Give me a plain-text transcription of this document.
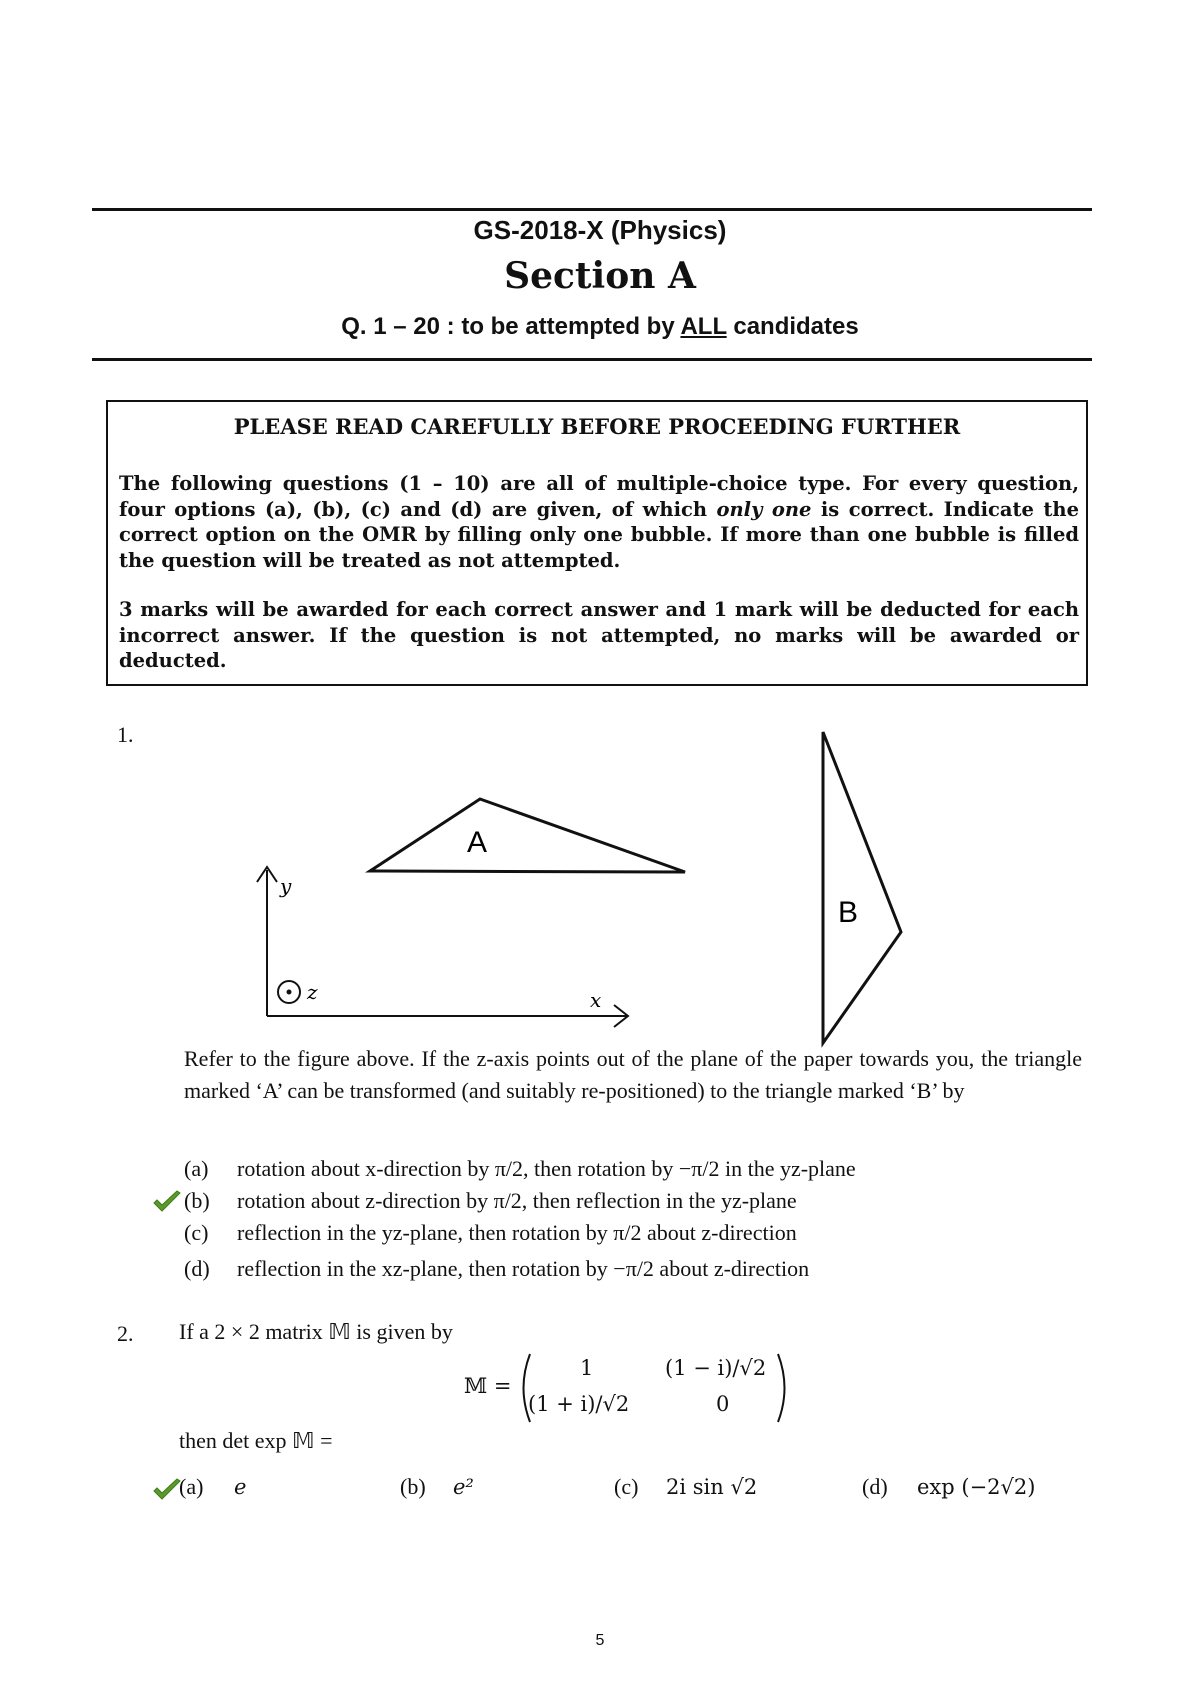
GS-2018-X (Physics)
Section A
Q. 1 – 20 : to be attempted by ALL candidates
PLEASE READ CAREFULLY BEFORE PROCEEDING FURTHER
The following questions (1 – 10) are all of multiple-choice type. For every question, four options (a), (b), (c) and (d) are given, of which only one is correct. Indicate the correct option on the OMR by filling only one bubble. If more than one bubble is filled the question will be treated as not attempted.
3 marks will be awarded for each correct answer and 1 mark will be deducted for each incorrect answer. If the question is not attempted, no marks will be awarded or deducted.
1.
A
B
y
x
z
Refer to the figure above. If the z-axis points out of the plane of the paper towards you, the triangle marked ‘A’ can be transformed (and suitably re-positioned) to the triangle marked ‘B’ by
(a) rotation about x-direction by π/2, then rotation by −π/2 in the yz-plane
(b) rotation about z-direction by π/2, then reflection in the yz-plane
(c) reflection in the yz-plane, then rotation by π/2 about z-direction
(d) reflection in the xz-plane, then rotation by −π/2 about z-direction
2. If a 2 × 2 matrix 𝕄 is given by
𝕄 =
1	(1 − i)/√2
(1 + i)/√2	0
then det exp 𝕄 =
(a) e	(b) e²	(c) 2i sin √2	(d) exp (−2√2)
5
